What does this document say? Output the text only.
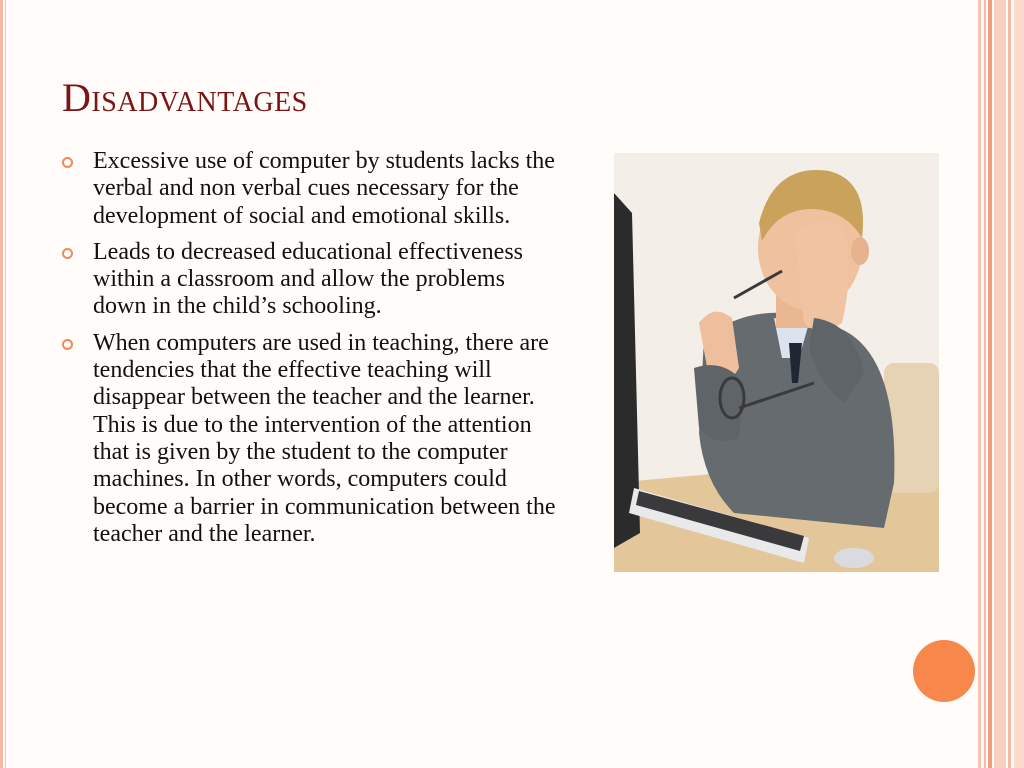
Disadvantages
Excessive use of computer by students lacks the verbal and non verbal cues necessary for the development of social and emotional skills.
Leads to decreased educational effectiveness within a classroom and allow the problems down in the child’s schooling.
When computers are used in teaching, there are tendencies that the effective teaching will disappear between the teacher and the learner. This is due to the intervention of the attention that is given by the student to the computer machines. In other words, computers could become a barrier in communication between the teacher and the learner.
